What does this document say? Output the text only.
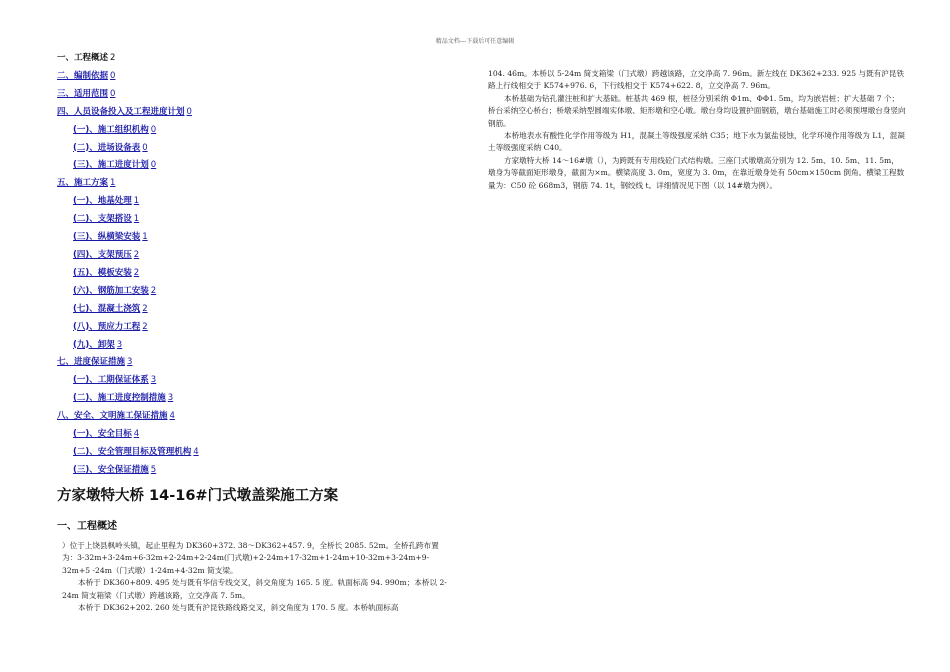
精品文档---下载后可任意编辑
一、工程概述 2
二、编制依据 0
三、适用范围 0
四、人员设备投入及工程进度计划 0
(一)、施工组织机构 0
(二)、进场设备表 0
(三)、施工进度计划 0
五、施工方案 1
(一)、地基处理 1
(二)、支架搭设 1
(三)、纵横梁安装 1
(四)、支架预压 2
(五)、模板安装 2
(六)、钢筋加工安装 2
(七)、混凝土浇筑 2
(八)、预应力工程 2
(九)、卸架 3
七、进度保证措施 3
(一)、工期保证体系 3
(二)、施工进度控制措施 3
八、安全、文明施工保证措施 4
(一)、安全目标 4
(二)、安全管理目标及管理机构 4
(三)、安全保证措施 5
方家墩特大桥 14-16#门式墩盖梁施工方案
一、工程概述

）位于上饶县枫岭头镇，起止里程为 DK360+372. 38～DK362+457. 9，全桥长 2085. 52m。全桥孔跨布置为：3-32m+3-24m+6-32m+2-24m+2-24m(门式墩)+2-24m+17-32m+1-24m+10-32m+3-24m+9-32m+5 -24m（门式墩）1-24m+4-32m 简支梁。

本桥于 DK360+809. 495 处与既有华信专线交叉，斜交角度为 165. 5 度。轨面标高 94. 990m；本桥以 2-24m 简支箱梁（门式墩）跨越该路，立交净高 7. 5m。

本桥于 DK362+202. 260 处与既有沪昆铁路线路交叉，斜交角度为 170. 5 度。本桥轨面标高

104. 46m。本桥以 5-24m 简支箱梁（门式墩）跨越该路，立交净高 7. 96m。新左线在 DK362+233. 925 与既有沪昆铁路上行线相交于 K574+976. 6，下行线相交于 K574+622. 8，立交净高 7. 96m。

本桥基础为钻孔灌注桩和扩大基础。桩基共 469 根，桩径分别采纳 Φ1m、ΦΦ1. 5m，均为嵌岩桩；扩大基础 7 个；桥台采纳空心桥台；桥墩采纳型圆端实体墩、矩形墩和空心墩。墩台身均设置护面钢筋，墩台基础施工时必须预埋墩台身竖向钢筋。

本桥地表水有酸性化学作用等级为 H1，混凝土等级强度采纳 C35；地下水为氯盐侵蚀，化学环境作用等级为 L1，混凝土等级强度采纳 C40。

方家墩特大桥 14～16#墩（），为跨既有专用线砼门式结构墩。三座门式墩墩高分别为 12. 5m、10. 5m、11. 5m，墩身为等截面矩形墩身，截面为×m。横梁高度 3. 0m，宽度为 3. 0m，在靠近墩身处有 50cm×150cm 倒角。横梁工程数量为：C50 砼 668m3，钢筋 74. 1t，钢绞线 t。详细情况见下图（以 14#墩为例）。
